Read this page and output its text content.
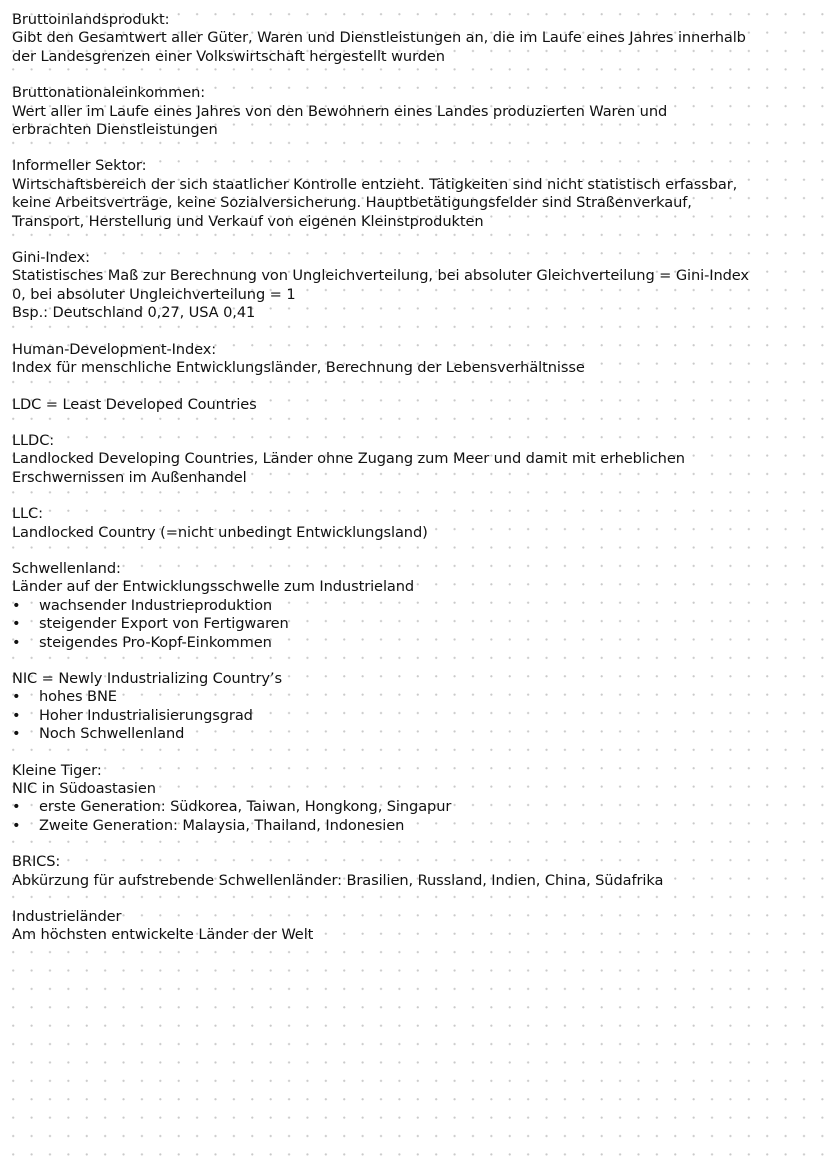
Bruttoinlandsprodukt:
Gibt den Gesamtwert aller Güter, Waren und Dienstleistungen an, die im Laufe eines Jahres innerhalb
der Landesgrenzen einer Volkswirtschaft hergestellt wurden
Bruttonationaleinkommen:
Wert aller im Laufe eines Jahres von den Bewohnern eines Landes produzierten Waren und
erbrachten Dienstleistungen
Informeller Sektor:
Wirtschaftsbereich der sich staatlicher Kontrolle entzieht. Tätigkeiten sind nicht statistisch erfassbar,
keine Arbeitsverträge, keine Sozialversicherung. Hauptbetätigungsfelder sind Straßenverkauf,
Transport, Herstellung und Verkauf von eigenen Kleinstprodukten
Gini-Index:
Statistisches Maß zur Berechnung von Ungleichverteilung, bei absoluter Gleichverteilung = Gini-Index
0, bei absoluter Ungleichverteilung = 1
Bsp.: Deutschland 0,27, USA 0,41
Human-Development-Index:
Index für menschliche Entwicklungsländer, Berechnung der Lebensverhältnisse
LDC = Least Developed Countries
LLDC:
Landlocked Developing Countries, Länder ohne Zugang zum Meer und damit mit erheblichen
Erschwernissen im Außenhandel
LLC:
Landlocked Country (=nicht unbedingt Entwicklungsland)
Schwellenland:
Länder auf der Entwicklungsschwelle zum Industrieland
• wachsender Industrieproduktion
• steigender Export von Fertigwaren
• steigendes Pro-Kopf-Einkommen
NIC = Newly Industrializing Country’s
• hohes BNE
• Hoher Industrialisierungsgrad
• Noch Schwellenland
Kleine Tiger:
NIC in Südoastasien
• erste Generation: Südkorea, Taiwan, Hongkong, Singapur
• Zweite Generation: Malaysia, Thailand, Indonesien
BRICS:
Abkürzung für aufstrebende Schwellenländer: Brasilien, Russland, Indien, China, Südafrika
Industrieländer
Am höchsten entwickelte Länder der Welt
